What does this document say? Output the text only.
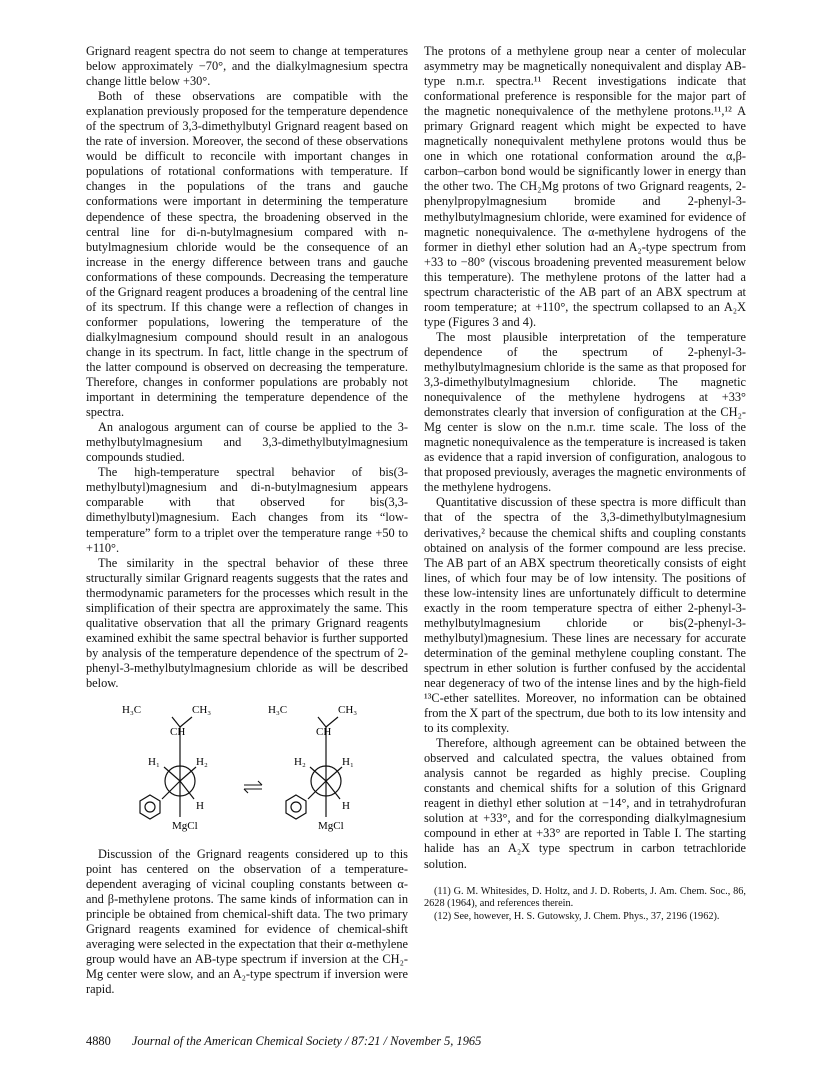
Grignard reagent spectra do not seem to change at temperatures below approximately −70°, and the dialkylmagnesium spectra change little below +30°.

Both of these observations are compatible with the explanation previously proposed for the temperature dependence of the spectrum of 3,3-dimethylbutyl Grignard reagent based on the rate of inversion. Moreover, the second of these observations would be difficult to reconcile with important changes in populations of rotational conformations with temperature. If changes in the populations of the trans and gauche conformations were important in determining the temperature dependence of these spectra, the broadening observed in the central line for di-n-butylmagnesium compared with n-butylmagnesium chloride would be the consequence of an increase in the energy difference between trans and gauche conformations of these compounds. Decreasing the temperature of the Grignard reagent produces a broadening of the central line of its spectrum. If this change were a reflection of changes in conformer populations, lowering the temperature of the dialkylmagnesium compound should result in an analogous change in its spectrum. In fact, little change in the spectrum of the latter compound is observed on decreasing the temperature. Therefore, changes in conformer populations are probably not important in determining the temperature dependence of the spectra.

An analogous argument can of course be applied to the 3-methylbutylmagnesium and 3,3-dimethylbutylmagnesium compounds studied.

The high-temperature spectral behavior of bis(3-methylbutyl)magnesium and di-n-butylmagnesium appears comparable with that observed for bis(3,3-dimethylbutyl)magnesium. Each changes from its “low-temperature” form to a triplet over the temperature range +50 to +110°.

The similarity in the spectral behavior of these three structurally similar Grignard reagents suggests that the rates and thermodynamic parameters for the processes which result in the simplification of their spectra are approximately the same. This qualitative observation that all the primary Grignard reagents examined exhibit the same spectral behavior is further supported by analysis of the temperature dependence of the spectrum of 2-phenyl-3-methylbutylmagnesium chloride as will be described below.

H₃C	CH₃
CH
H₁	H₂
H
MgCl
H₃C	CH₃
CH
H₂	H₁
H
MgCl

Discussion of the Grignard reagents considered up to this point has centered on the observation of a temperature-dependent averaging of vicinal coupling constants between α- and β-methylene protons. The same kinds of information can in principle be obtained from chemical-shift data. The two primary Grignard reagents examined for evidence of chemical-shift averaging were selected in the expectation that their α-methylene group would have an AB-type spectrum if inversion at the CH₂-Mg center were slow, and an A₂-type spectrum if inversion were rapid.

The protons of a methylene group near a center of molecular asymmetry may be magnetically nonequivalent and display AB-type n.m.r. spectra.¹¹ Recent investigations indicate that conformational preference is responsible for the major part of the magnetic nonequivalence of the methylene protons.¹¹,¹² A primary Grignard reagent which might be expected to have magnetically nonequivalent methylene protons would thus be one in which one rotational conformation around the α,β-carbon–carbon bond would be significantly lower in energy than the other two. The CH₂Mg protons of two Grignard reagents, 2-phenylpropylmagnesium bromide and 2-phenyl-3-methylbutylmagnesium chloride, were examined for evidence of magnetic nonequivalence. The α-methylene hydrogens of the former in diethyl ether solution had an A₂-type spectrum from +33 to −80° (viscous broadening prevented measurement below this temperature). The methylene protons of the latter had a spectrum characteristic of the AB part of an ABX spectrum at room temperature; at +110°, the spectrum collapsed to an A₂X type (Figures 3 and 4).

The most plausible interpretation of the temperature dependence of the spectrum of 2-phenyl-3-methylbutylmagnesium chloride is the same as that proposed for 3,3-dimethylbutylmagnesium chloride. The magnetic nonequivalence of the methylene hydrogens at +33° demonstrates clearly that inversion of configuration at the CH₂-Mg center is slow on the n.m.r. time scale. The loss of the magnetic nonequivalence as the temperature is increased is taken as evidence that a rapid inversion of configuration, analogous to that proposed previously, averages the magnetic environments of the methylene hydrogens.

Quantitative discussion of these spectra is more difficult than that of the spectra of the 3,3-dimethylbutylmagnesium derivatives,² because the chemical shifts and coupling constants obtained on analysis of the former compound are less precise. The AB part of an ABX spectrum theoretically consists of eight lines, of which four may be of low intensity. The positions of these low-intensity lines are unfortunately difficult to determine exactly in the room temperature spectra of either 2-phenyl-3-methylbutylmagnesium chloride or bis(2-phenyl-3-methylbutyl)magnesium. These lines are necessary for accurate determination of the geminal methylene coupling constant. The spectrum in ether solution is further confused by the accidental near degeneracy of two of the intense lines and by the high-field ¹³C-ether satellites. Moreover, no information can be obtained from the X part of the spectrum, due both to its low intensity and to its complexity.

Therefore, although agreement can be obtained between the observed and calculated spectra, the values obtained from analysis cannot be regarded as highly precise. Coupling constants and chemical shifts for a solution of this Grignard reagent in diethyl ether solution at −14°, and in tetrahydrofuran solution at +33°, and for the corresponding dialkylmagnesium compound in ether at +33° are reported in Table I. The starting halide has an A₂X type spectrum in carbon tetrachloride solution.

(11) G. M. Whitesides, D. Holtz, and J. D. Roberts, J. Am. Chem. Soc., 86, 2628 (1964), and references therein.

(12) See, however, H. S. Gutowsky, J. Chem. Phys., 37, 2196 (1962).

4880 Journal of the American Chemical Society / 87:21 / November 5, 1965
